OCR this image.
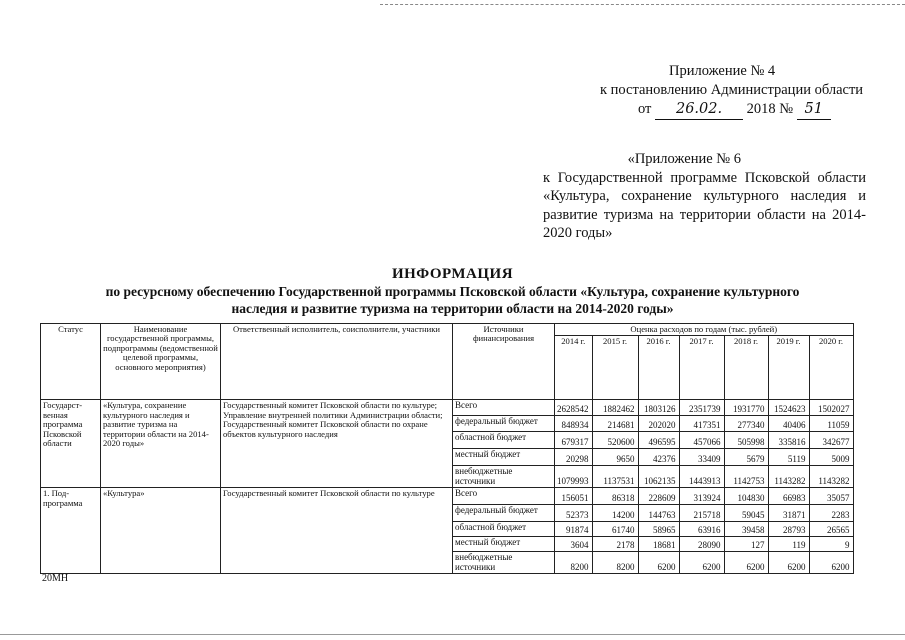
Приложение № 4
к постановлению Администрации области
от 26.02. 2018 № 51
«Приложение № 6
к Государственной программе Псковской области «Культура, сохранение культурного наследия и развитие туризма на территории области на 2014-2020 годы»
ИНФОРМАЦИЯ
по ресурсному обеспечению Государственной программы Псковской области «Культура, сохранение культурного
наследия и развитие туризма на территории области на 2014-2020 годы»
Статус	Наименование государственной программы, подпрограммы (ведомственной целевой программы, основного мероприятия)	Ответственный исполнитель, соисполнители, участники	Источники финансирования	Оценка расходов по годам (тыс. рублей)						
				2014 г.	2015 г.	2016 г.	2017 г.	2018 г.	2019 г.	2020 г.
Государст-венная программа Псковской области	«Культура, сохранение культурного наследия и развитие туризма на территории области на 2014-2020 годы»	Государственный комитет Псковской области по культуре; Управление внутренней политики Администрации области; Государственный комитет Псковской области по охране объектов культурного наследия	Всего	2628542	1882462	1803126	2351739	1931770	1524623	1502027
			федеральный бюджет	848934	214681	202020	417351	277340	40406	11059
			областной бюджет	679317	520600	496595	457066	505998	335816	342677
			местный бюджет	20298	9650	42376	33409	5679	5119	5009
			внебюджетные источники	1079993	1137531	1062135	1443913	1142753	1143282	1143282
1. Под-программа	«Культура»	Государственный комитет Псковской области по культуре	Всего	156051	86318	228609	313924	104830	66983	35057
			федеральный бюджет	52373	14200	144763	215718	59045	31871	2283
			областной бюджет	91874	61740	58965	63916	39458	28793	26565
			местный бюджет	3604	2178	18681	28090	127	119	9
			внебюджетные источники	8200	8200	6200	6200	6200	6200	6200
20МН
